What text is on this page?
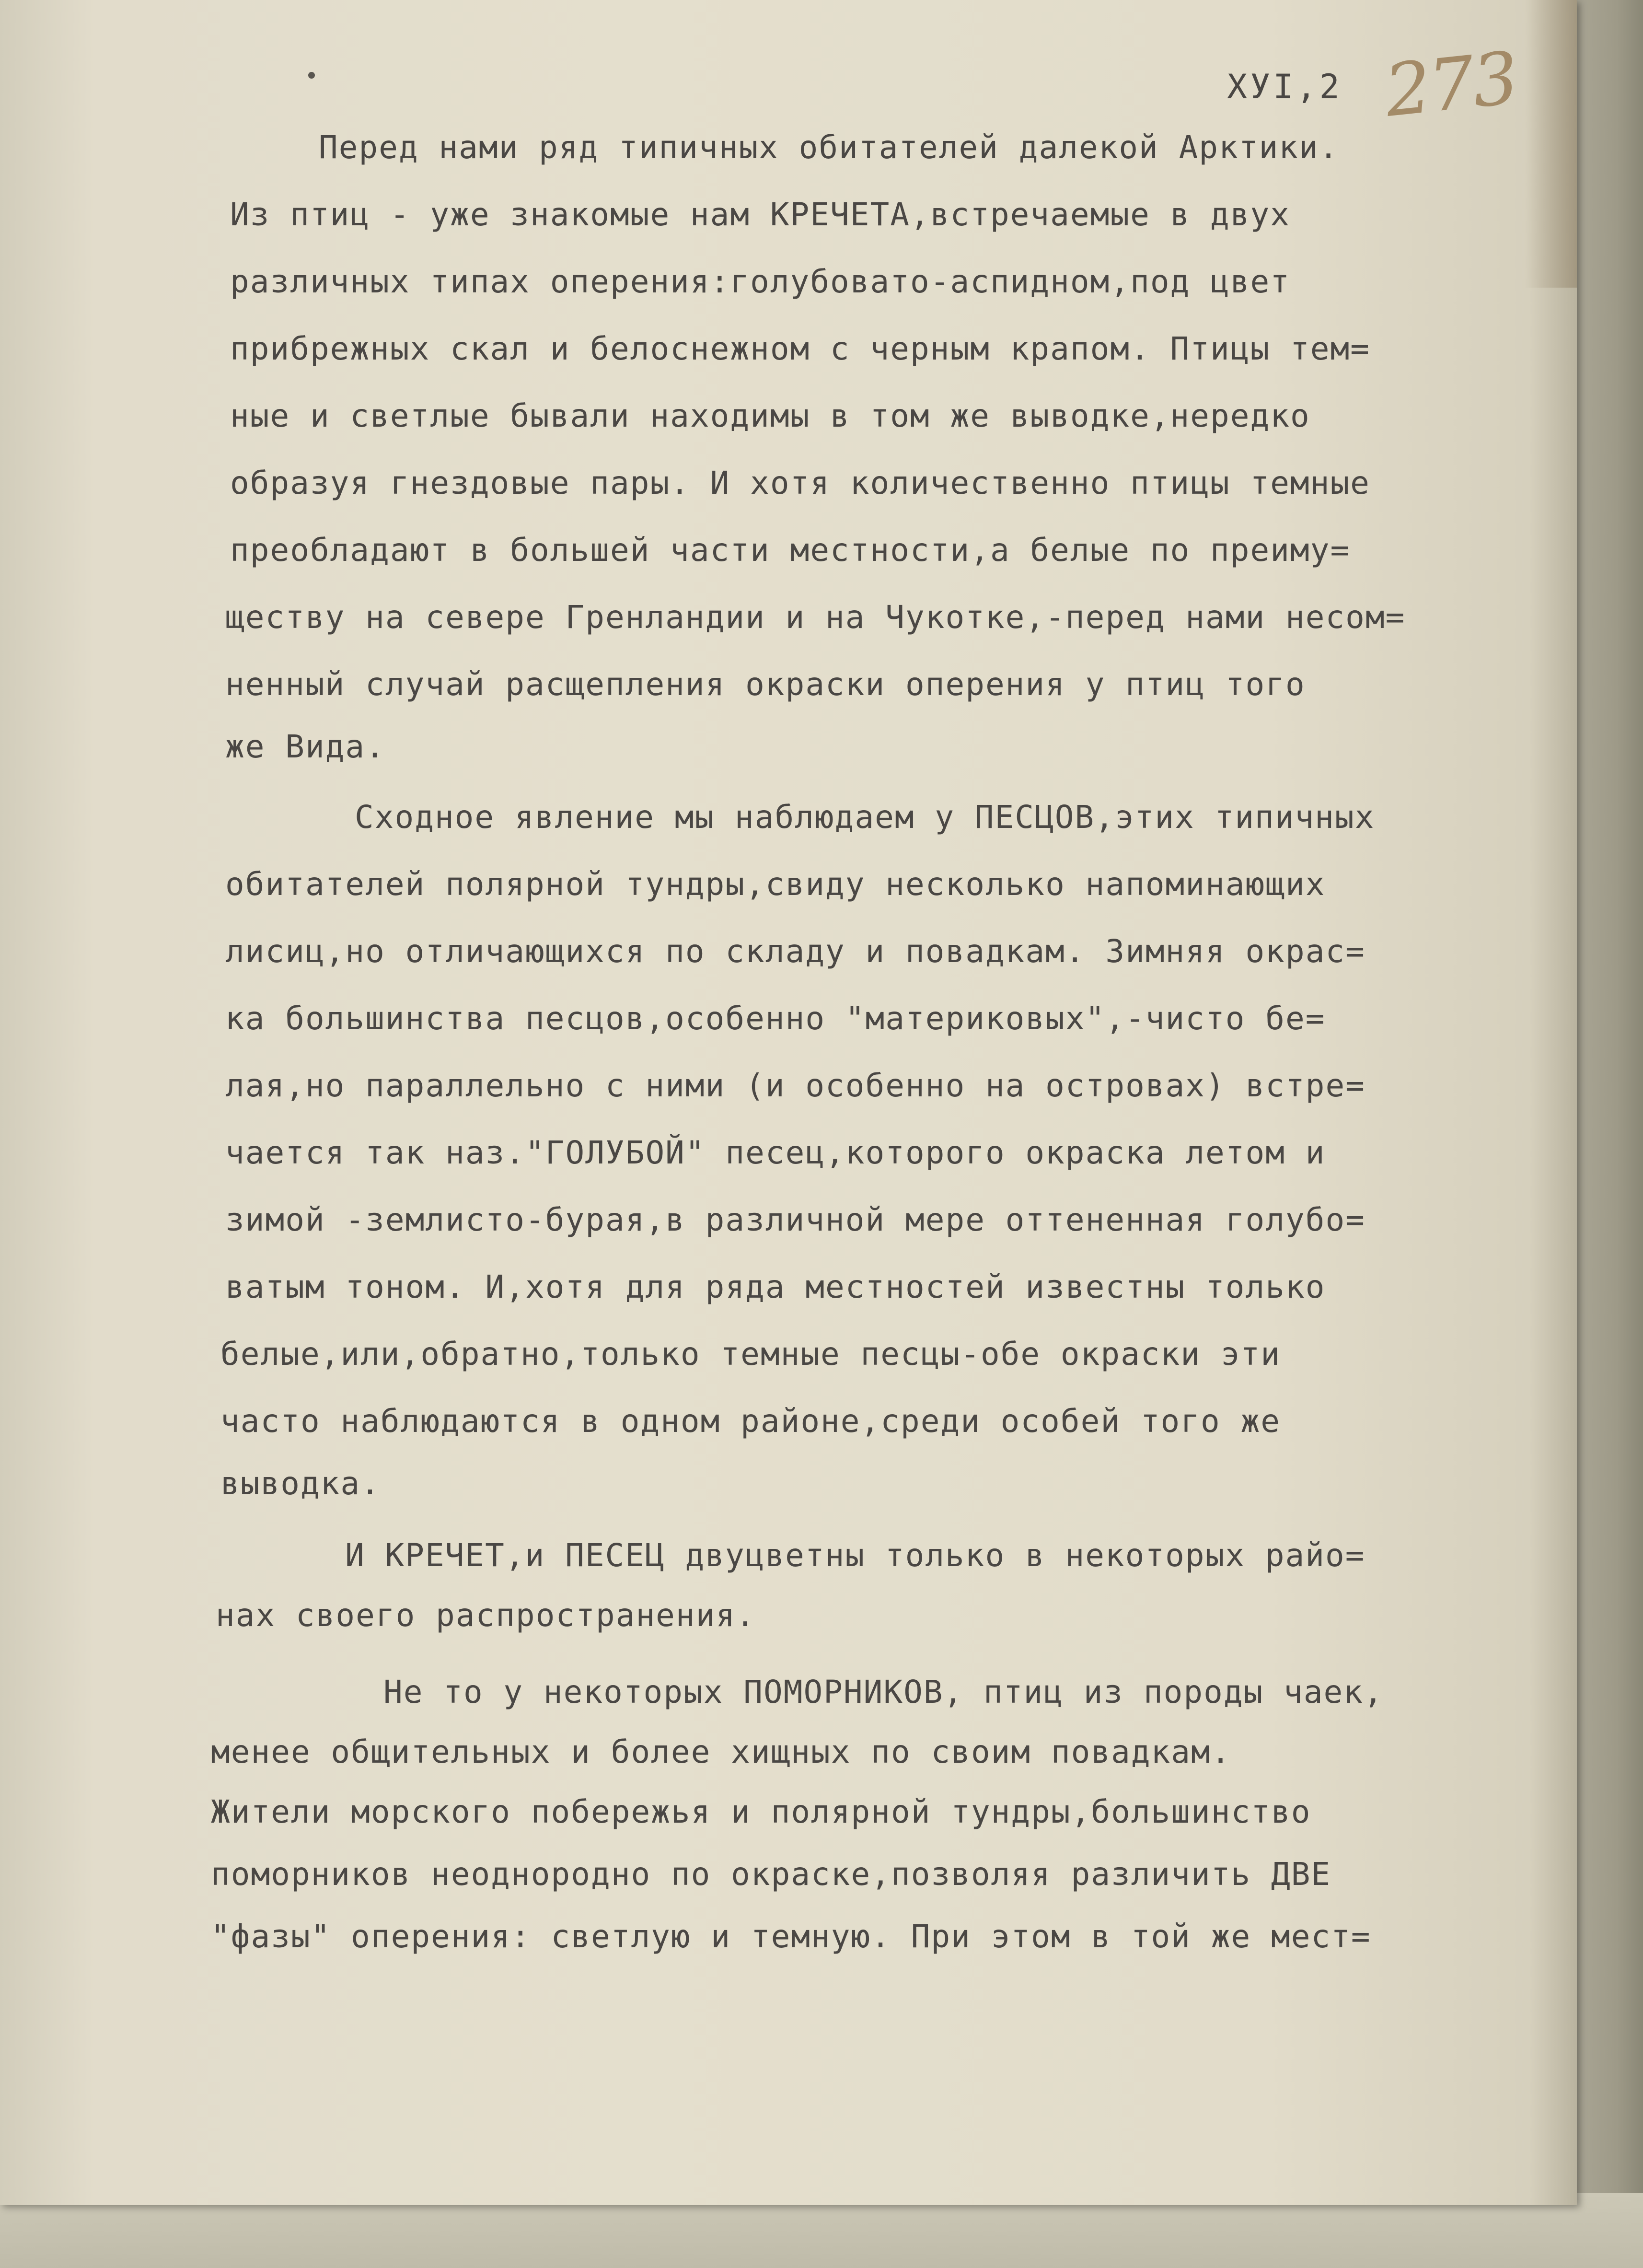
ХУI,2 273
Перед нами ряд типичных обитателей далекой Арктики.
Из птиц - уже знакомые нам КРЕЧЕТА,встречаемые в двух
различных типах оперения:голубовато-аспидном,под цвет
прибрежных скал и белоснежном с черным крапом. Птицы тем=
ные и светлые бывали находимы в том же выводке,нередко
образуя гнездовые пары. И хотя количественно птицы темные
преобладают в большей части местности,а белые по преиму=
ществу на севере Гренландии и на Чукотке,-перед нами несом=
ненный случай расщепления окраски оперения у птиц того
же Вида.
Сходное явление мы наблюдаем у ПЕСЦОВ,этих типичных
обитателей полярной тундры,свиду несколько напоминающих
лисиц,но отличающихся по складу и повадкам. Зимняя окрас=
ка большинства песцов,особенно "материковых",-чисто бе=
лая,но параллельно с ними (и особенно на островах) встре=
чается так наз."ГОЛУБОЙ" песец,которого окраска летом и
зимой -землисто-бурая,в различной мере оттененная голубо=
ватым тоном. И,хотя для ряда местностей известны только
белые,или,обратно,только темные песцы-обе окраски эти
часто наблюдаются в одном районе,среди особей того же
выводка.
И КРЕЧЕТ,и ПЕСЕЦ двуцветны только в некоторых райо=
нах своего распространения.
Не то у некоторых ПОМОРНИКОВ, птиц из породы чаек,
менее общительных и более хищных по своим повадкам.
Жители морского побережья и полярной тундры,большинство
поморников неоднородно по окраске,позволяя различить ДВЕ
"фазы" оперения: светлую и темную. При этом в той же мест=
